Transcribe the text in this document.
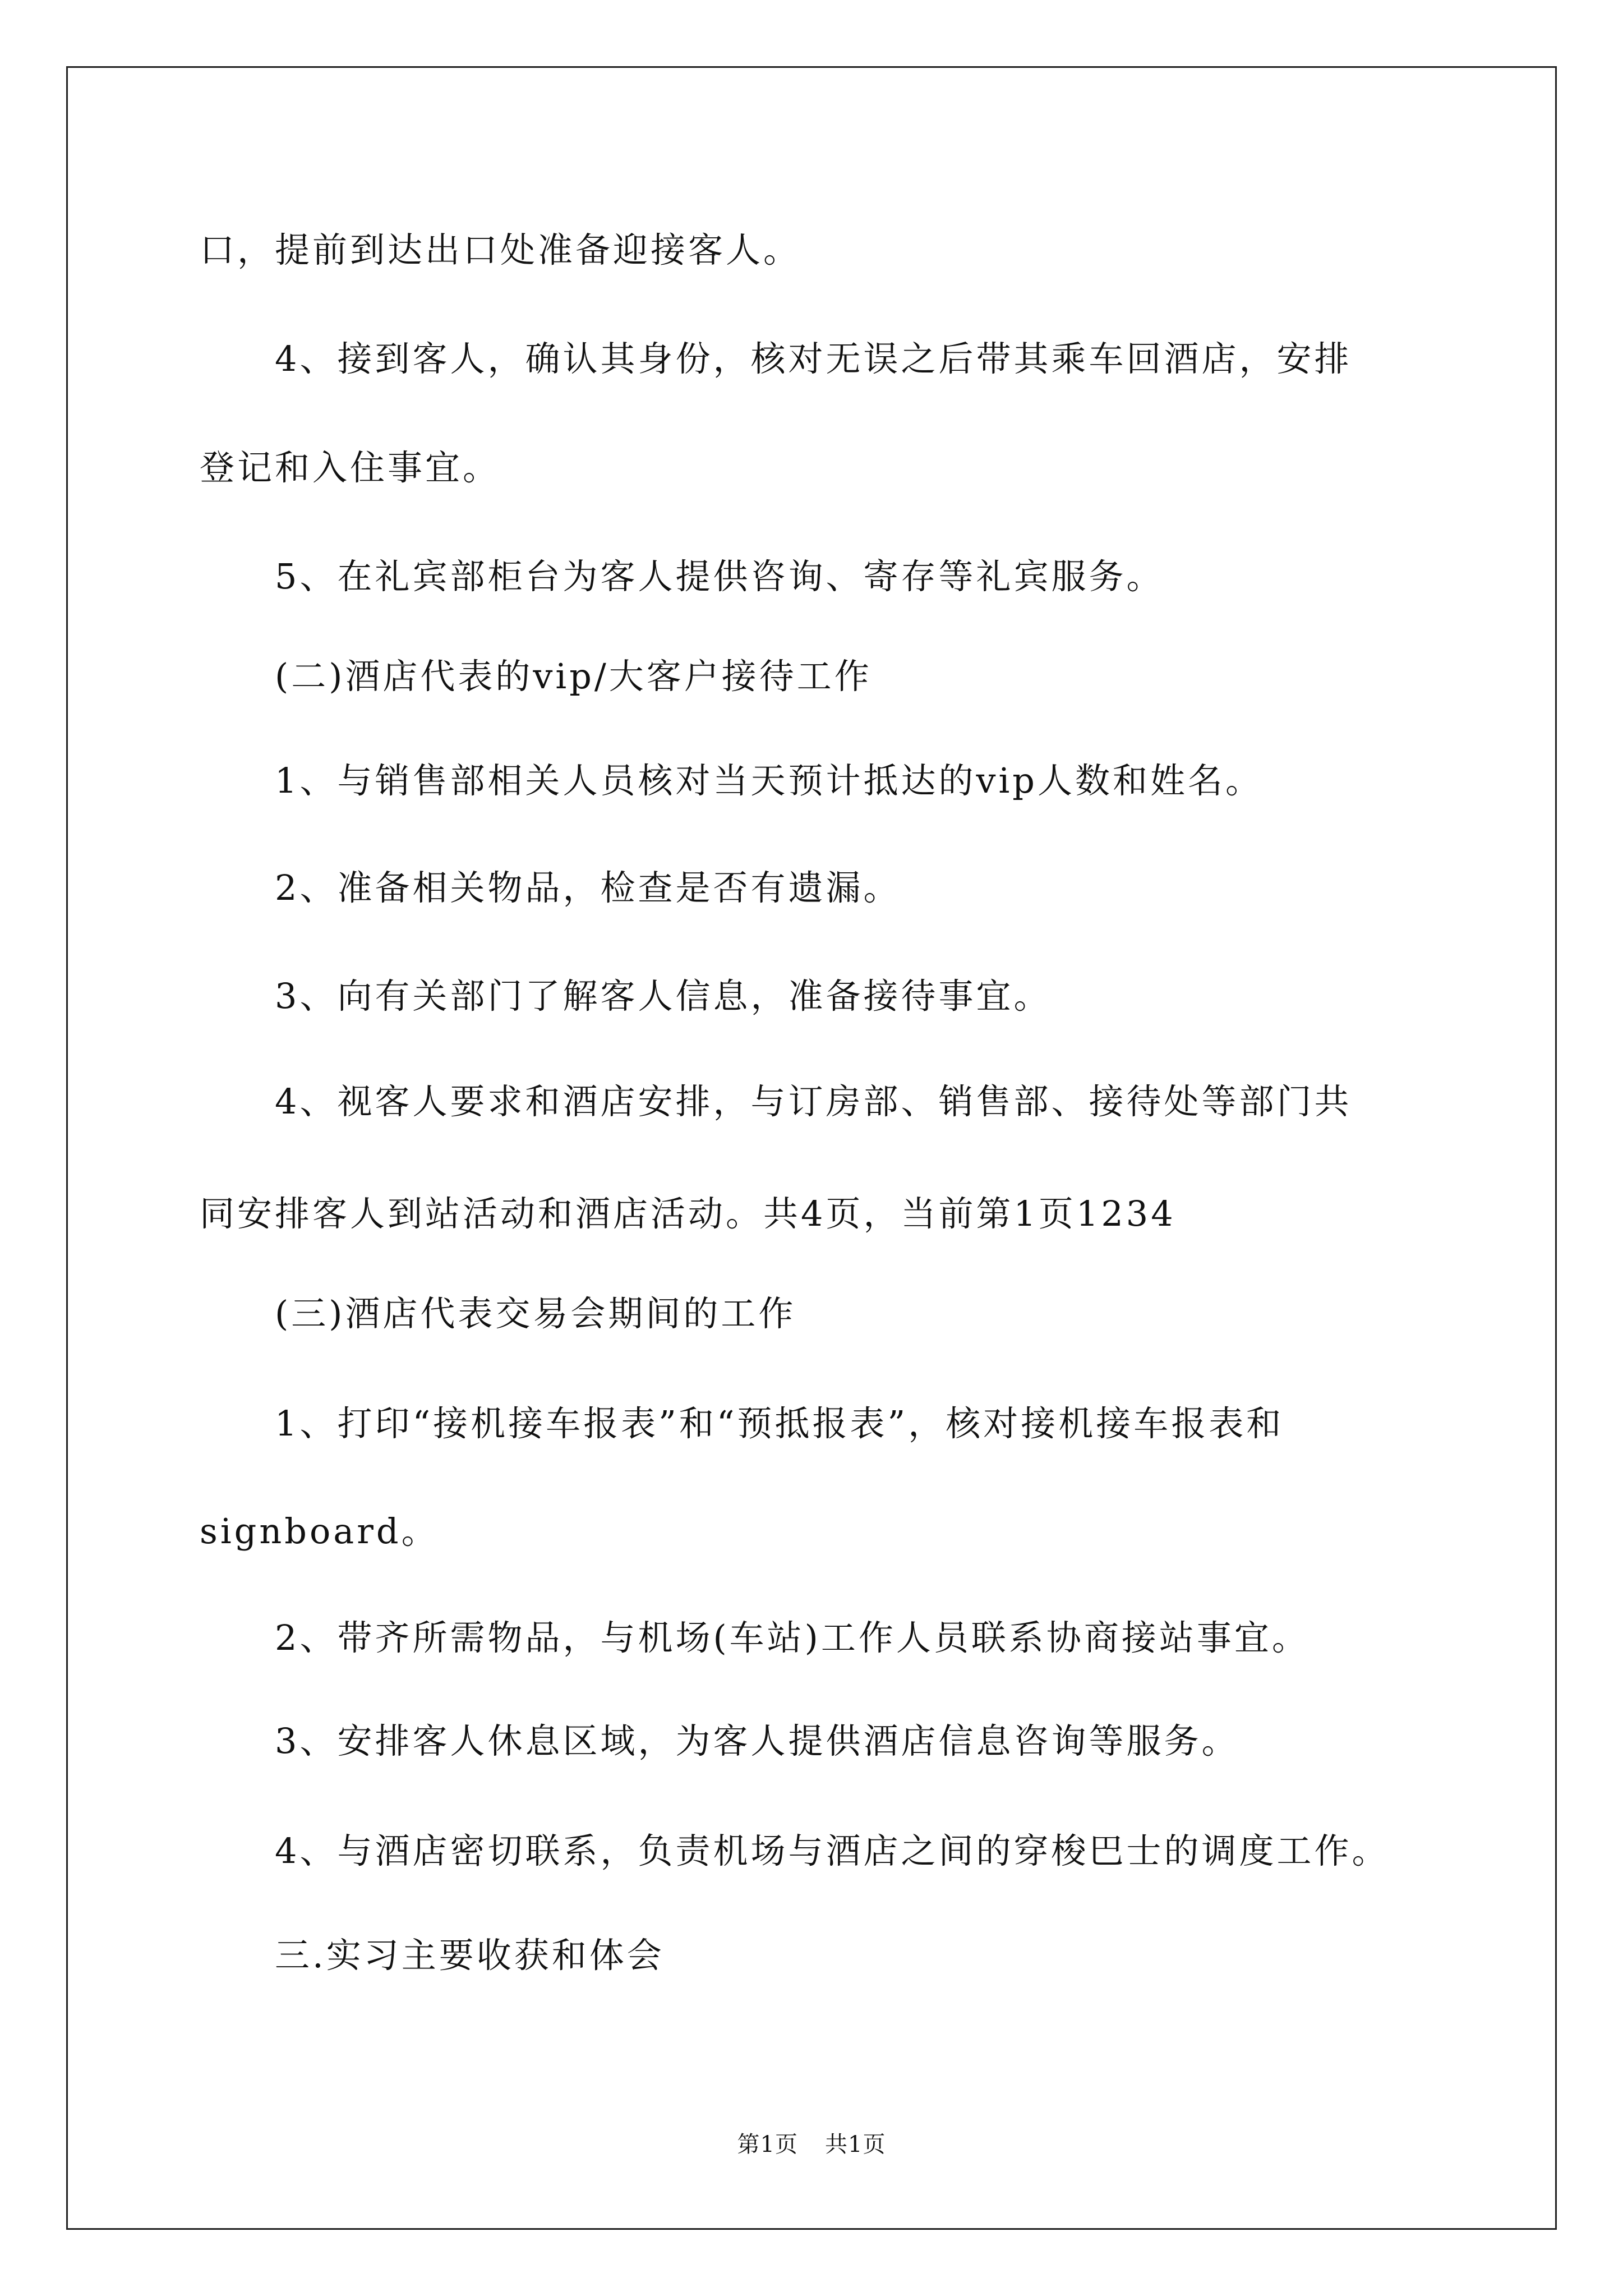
口，提前到达出口处准备迎接客人。
4、接到客人，确认其身份，核对无误之后带其乘车回酒店，安排
登记和入住事宜。
5、在礼宾部柜台为客人提供咨询、寄存等礼宾服务。
(二)酒店代表的vip/大客户接待工作
1、与销售部相关人员核对当天预计抵达的vip人数和姓名。
2、准备相关物品，检查是否有遗漏。
3、向有关部门了解客人信息，准备接待事宜。
4、视客人要求和酒店安排，与订房部、销售部、接待处等部门共
同安排客人到站活动和酒店活动。共4页，当前第1页1234
(三)酒店代表交易会期间的工作
1、打印“接机接车报表”和“预抵报表”，核对接机接车报表和
signboard。
2、带齐所需物品，与机场(车站)工作人员联系协商接站事宜。
3、安排客人休息区域，为客人提供酒店信息咨询等服务。
4、与酒店密切联系，负责机场与酒店之间的穿梭巴士的调度工作。
三.实习主要收获和体会
第1页 共1页
